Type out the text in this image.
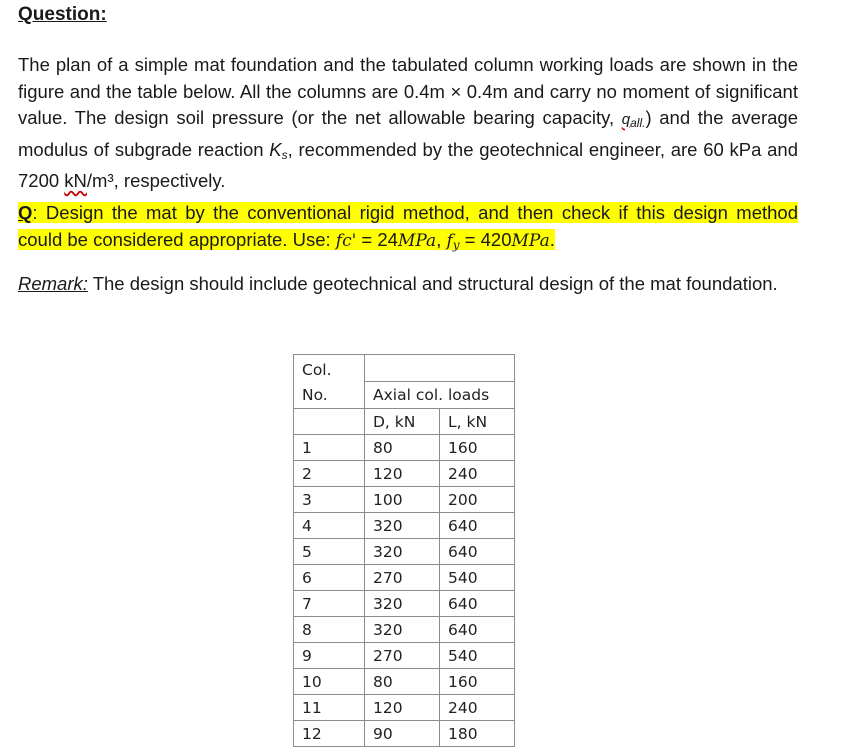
Question:
The plan of a simple mat foundation and the tabulated column working loads are shown in the figure and the table below. All the columns are 0.4m × 0.4m and carry no moment of significant value. The design soil pressure (or the net allowable bearing capacity, $q_{all.}$) and the average modulus of subgrade reaction $K_s$, recommended by the geotechnical engineer, are 60 kPa and 7200 kN/m³, respectively.
Q: Design the mat by the conventional rigid method, and then check if this design method could be considered appropriate. Use: fc' = 24MPa, $f_y = 420MPa$.
Remark: The design should include geotechnical and structural design of the mat foundation.
Col.
No.		
	Axial col. loads	
	D, kN	L, kN
1	80	160
2	120	240
3	100	200
4	320	640
5	320	640
6	270	540
7	320	640
8	320	640
9	270	540
10	80	160
11	120	240
12	90	180
